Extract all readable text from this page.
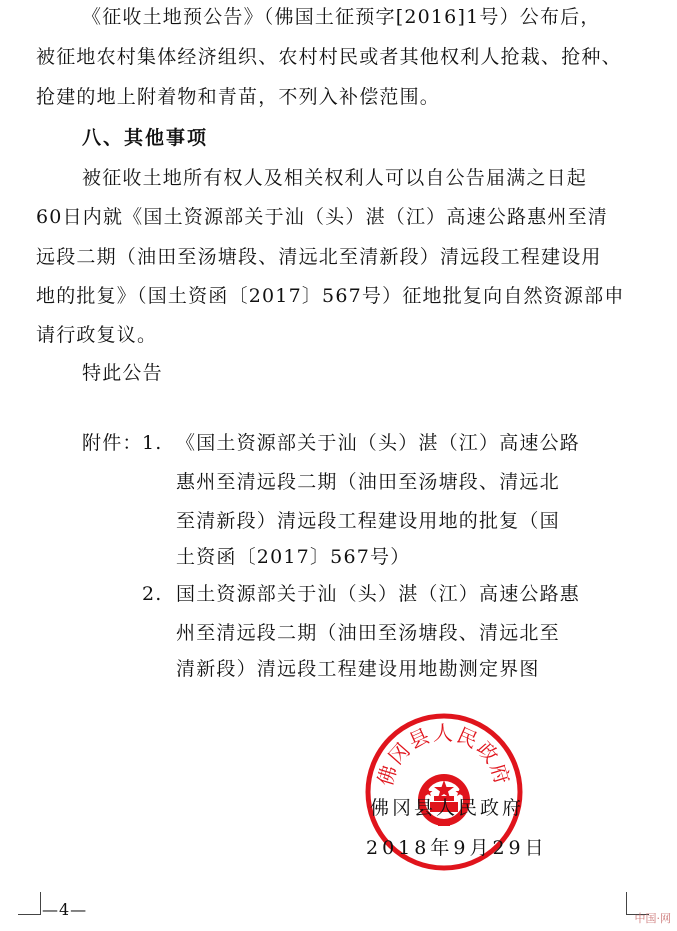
《征收土地预公告》（佛国土征预字[2016]1号）公布后，
被征地农村集体经济组织、农村村民或者其他权利人抢栽、抢种、
抢建的地上附着物和青苗，不列入补偿范围。
八、其他事项
被征收土地所有权人及相关权利人可以自公告届满之日起
60日内就《国土资源部关于汕（头）湛（江）高速公路惠州至清
远段二期（油田至汤塘段、清远北至清新段）清远段工程建设用
地的批复》（国土资函〔2017〕567号）征地批复向自然资源部申
请行政复议。
特此公告
附件： 1. 《国土资源部关于汕（头）湛（江）高速公路
惠州至清远段二期（油田至汤塘段、清远北
至清新段）清远段工程建设用地的批复（国
土资函〔2017〕567号）
2. 国土资源部关于汕（头）湛（江）高速公路惠
州至清远段二期（油田至汤塘段、清远北至
清新段）清远段工程建设用地勘测定界图
佛冈县人民政府
佛冈县人民政府
2018年9月29日
—4—	中国·网
